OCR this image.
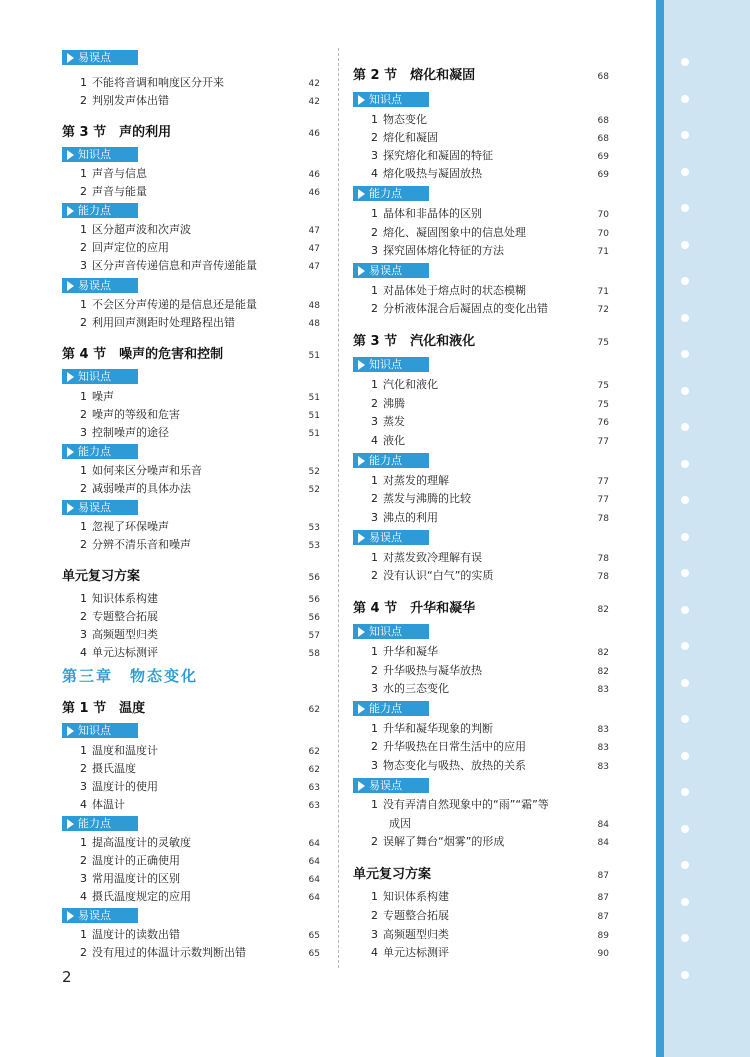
易误点
1 不能将音调和响度区分开来	42
2 判别发声体出错	42
第 3 节　声的利用	46
知识点
1 声音与信息	46
2 声音与能量	46
能力点
1 区分超声波和次声波	47
2 回声定位的应用	47
3 区分声音传递信息和声音传递能量	47
易误点
1 不会区分声传递的是信息还是能量	48
2 利用回声测距时处理路程出错	48
第 4 节　噪声的危害和控制	51
知识点
1 噪声	51
2 噪声的等级和危害	51
3 控制噪声的途径	51
能力点
1 如何来区分噪声和乐音	52
2 减弱噪声的具体办法	52
易误点
1 忽视了环保噪声	53
2 分辨不清乐音和噪声	53
单元复习方案	56
1 知识体系构建	56
2 专题整合拓展	56
3 高频题型归类	57
4 单元达标测评	58
第三章　物态变化
第 1 节　温度	62
知识点
1 温度和温度计	62
2 摄氏温度	62
3 温度计的使用	63
4 体温计	63
能力点
1 提高温度计的灵敏度	64
2 温度计的正确使用	64
3 常用温度计的区别	64
4 摄氏温度规定的应用	64
易误点
1 温度计的读数出错	65
2 没有甩过的体温计示数判断出错	65
第 2 节　熔化和凝固	68
知识点
1 物态变化	68
2 熔化和凝固	68
3 探究熔化和凝固的特征	69
4 熔化吸热与凝固放热	69
能力点
1 晶体和非晶体的区别	70
2 熔化、凝固图象中的信息处理	70
3 探究固体熔化特征的方法	71
易误点
1 对晶体处于熔点时的状态模糊	71
2 分析液体混合后凝固点的变化出错	72
第 3 节　汽化和液化	75
知识点
1 汽化和液化	75
2 沸腾	75
3 蒸发	76
4 液化	77
能力点
1 对蒸发的理解	77
2 蒸发与沸腾的比较	77
3 沸点的利用	78
易误点
1 对蒸发致冷理解有误	78
2 没有认识“白气”的实质	78
第 4 节　升华和凝华	82
知识点
1 升华和凝华	82
2 升华吸热与凝华放热	82
3 水的三态变化	83
能力点
1 升华和凝华现象的判断	83
2 升华吸热在日常生活中的应用	83
3 物态变化与吸热、放热的关系	83
易误点
1 没有弄清自然现象中的“雨”“霜”等
成因	84
2 误解了舞台“烟雾”的形成	84
单元复习方案	87
1 知识体系构建	87
2 专题整合拓展	87
3 高频题型归类	89
4 单元达标测评	90
2
